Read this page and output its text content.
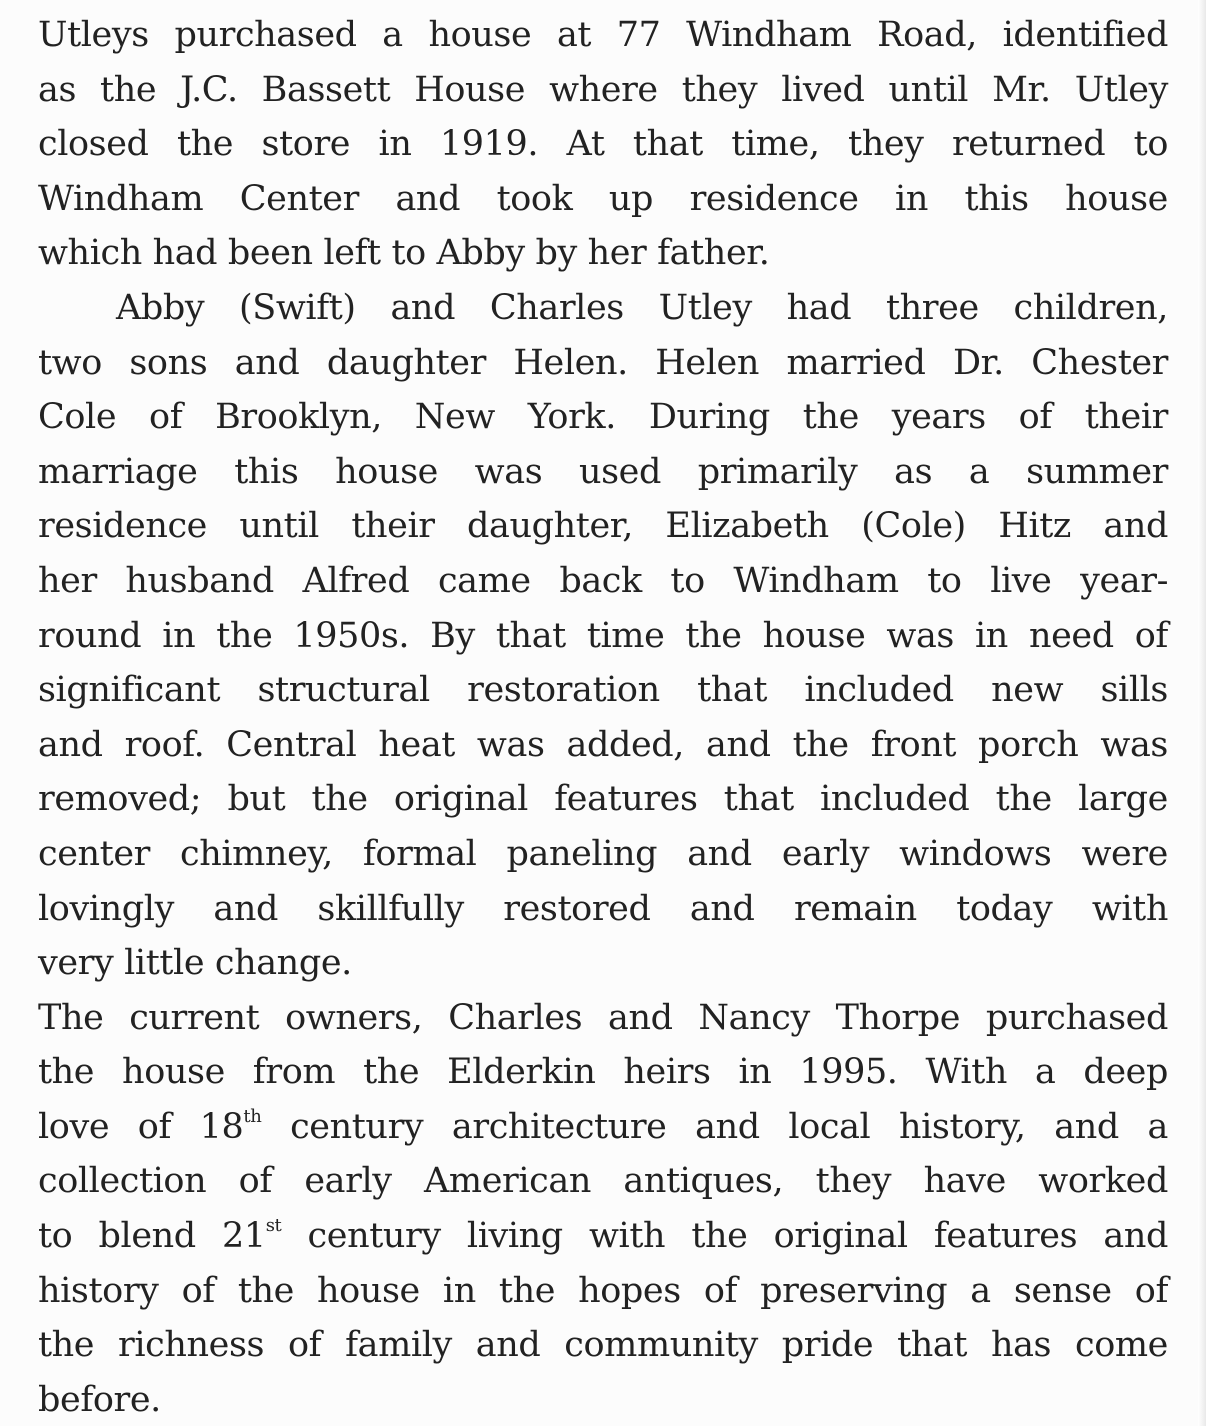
Utleys purchased a house at 77 Windham Road, identified
as the J.C. Bassett House where they lived until Mr. Utley
closed the store in 1919. At that time, they returned to
Windham Center and took up residence in this house
which had been left to Abby by her father.
Abby (Swift) and Charles Utley had three children,
two sons and daughter Helen. Helen married Dr. Chester
Cole of Brooklyn, New York. During the years of their
marriage this house was used primarily as a summer
residence until their daughter, Elizabeth (Cole) Hitz and
her husband Alfred came back to Windham to live year-
round in the 1950s. By that time the house was in need of
significant structural restoration that included new sills
and roof. Central heat was added, and the front porch was
removed; but the original features that included the large
center chimney, formal paneling and early windows were
lovingly and skillfully restored and remain today with
very little change.
The current owners, Charles and Nancy Thorpe purchased
the house from the Elderkin heirs in 1995. With a deep
love of 18th century architecture and local history, and a
collection of early American antiques, they have worked
to blend 21st century living with the original features and
history of the house in the hopes of preserving a sense of
the richness of family and community pride that has come
before.
